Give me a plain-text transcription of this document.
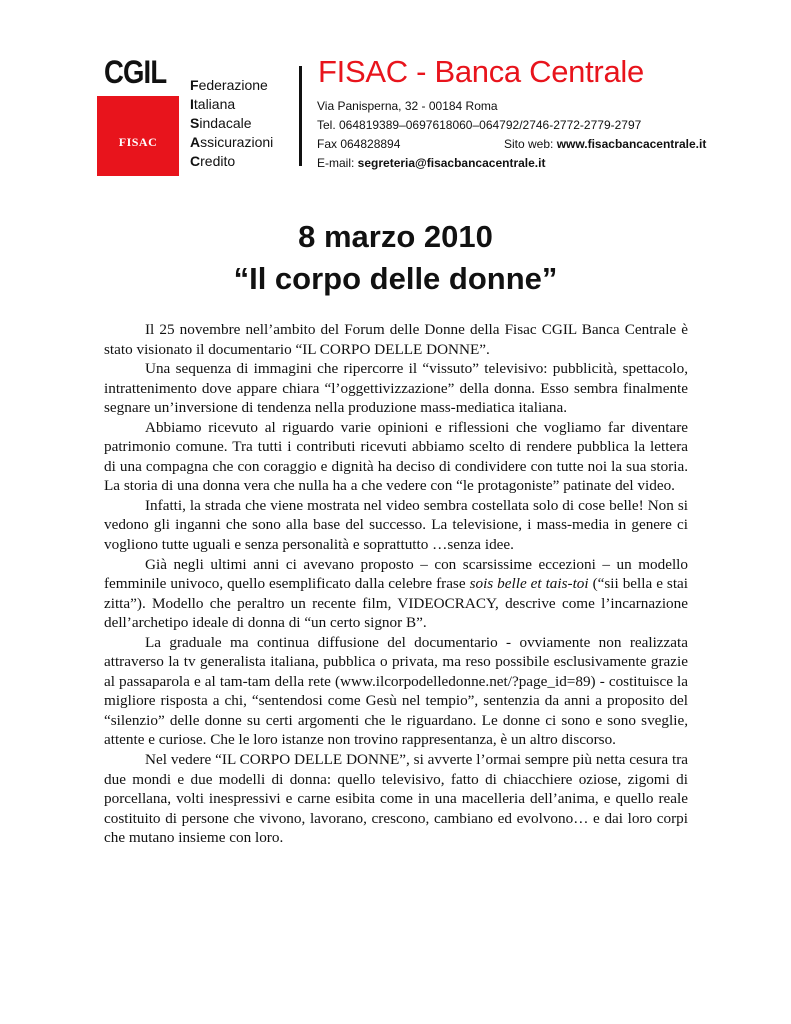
CGIL
FISAC
Federazione
Italiana
Sindacale
Assicurazioni
Credito
FISAC - Banca Centrale
Via Panisperna, 32 - 00184 Roma
Tel. 064819389–0697618060–064792/2746-2772-2779-2797
Fax 064828894	Sito web: www.fisacbancacentrale.it
E-mail: segreteria@fisacbancacentrale.it
8 marzo 2010
“Il corpo delle donne”

Il 25 novembre nell’ambito del Forum delle Donne della Fisac CGIL Banca Centrale è stato visionato il documentario “IL CORPO DELLE DONNE”.

Una sequenza di immagini che ripercorre il “vissuto” televisivo: pubblicità, spettacolo, intrattenimento dove appare chiara “l’oggettivizzazione” della donna. Esso sembra finalmente segnare un’inversione di tendenza nella produzione mass-mediatica italiana.

Abbiamo ricevuto al riguardo varie opinioni e riflessioni che vogliamo far diventare patrimonio comune. Tra tutti i contributi ricevuti abbiamo scelto di rendere pubblica la lettera di una compagna che con coraggio e dignità ha deciso di condividere con tutte noi la sua storia. La storia di una donna vera che nulla ha a che vedere con “le protagoniste” patinate del video.

Infatti, la strada che viene mostrata nel video sembra costellata solo di cose belle! Non si vedono gli inganni che sono alla base del successo. La televisione, i mass-media in genere ci vogliono tutte uguali e senza personalità e soprattutto …senza idee.

Già negli ultimi anni ci avevano proposto – con scarsissime eccezioni – un modello femminile univoco, quello esemplificato dalla celebre frase sois belle et tais-toi (“sii bella e stai zitta”). Modello che peraltro un recente film, VIDEOCRACY, descrive come l’incarnazione dell’archetipo ideale di donna di “un certo signor B”.

La graduale ma continua diffusione del documentario - ovviamente non realizzata attraverso la tv generalista italiana, pubblica o privata, ma reso possibile esclusivamente grazie al passaparola e al tam-tam della rete (www.ilcorpodelledonne.net/?page_id=89) - costituisce la migliore risposta a chi, “sentendosi come Gesù nel tempio”, sentenzia da anni a proposito del “silenzio” delle donne su certi argomenti che le riguardano. Le donne ci sono e sono sveglie, attente e curiose. Che le loro istanze non trovino rappresentanza, è un altro discorso.

Nel vedere “IL CORPO DELLE DONNE”, si avverte l’ormai sempre più netta cesura tra due mondi e due modelli di donna: quello televisivo, fatto di chiacchiere oziose, zigomi di porcellana, volti inespressivi e carne esibita come in una macelleria dell’anima, e quello reale costituito di persone che vivono, lavorano, crescono, cambiano ed evolvono… e dai loro corpi che mutano insieme con loro.
